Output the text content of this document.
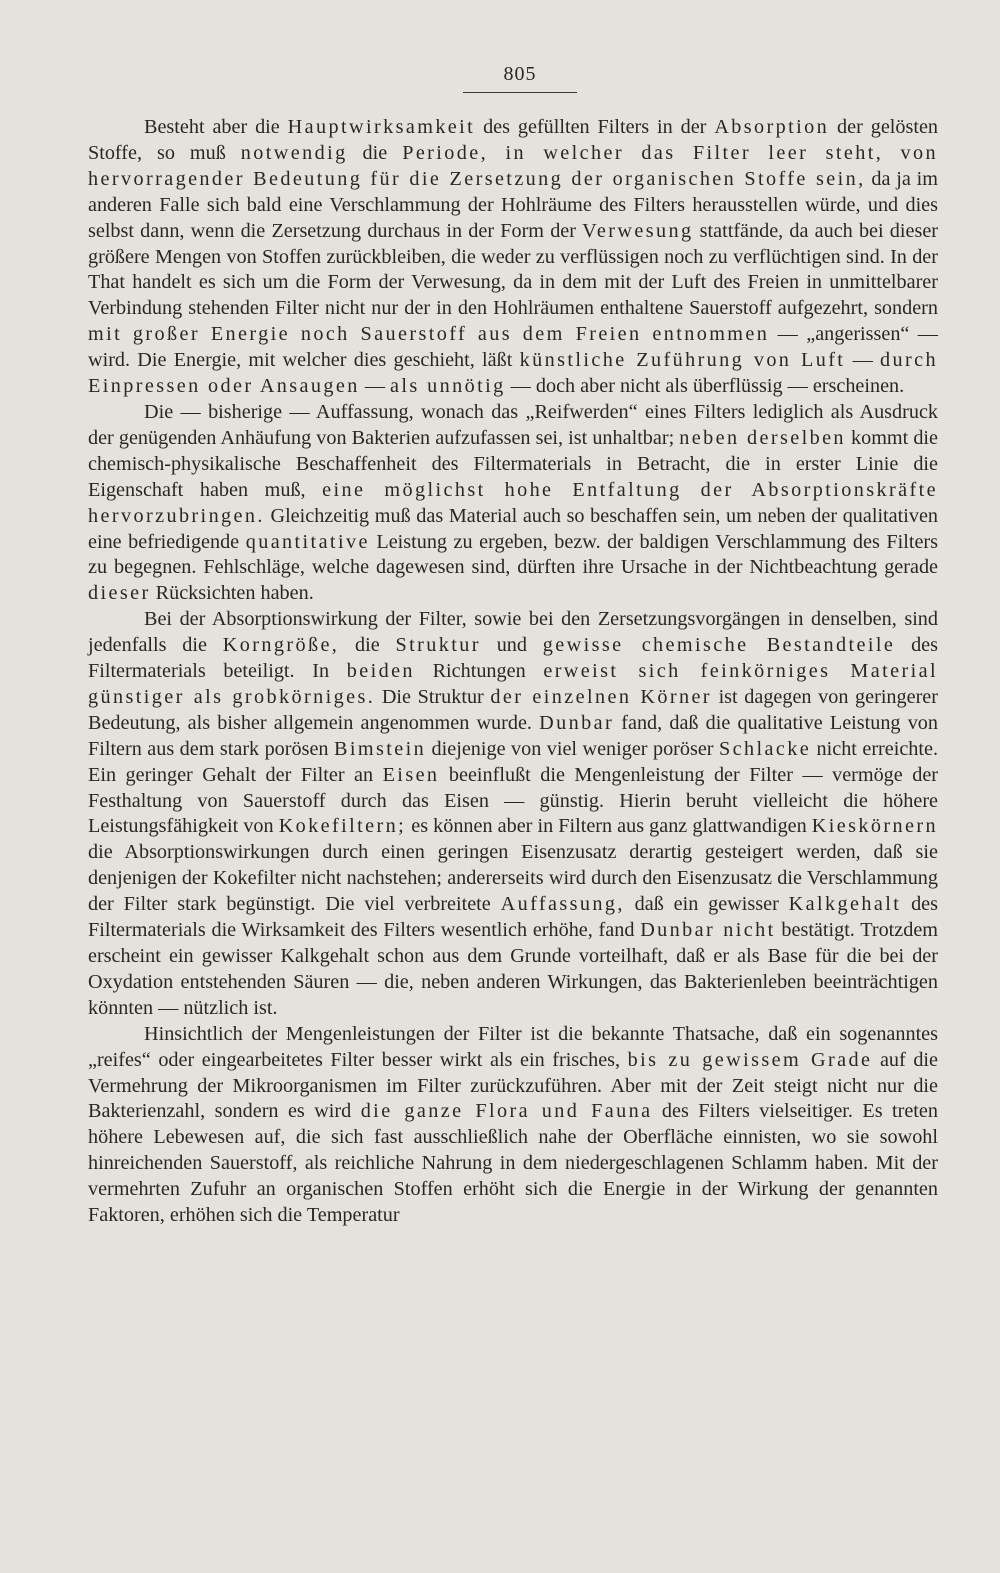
805

Besteht aber die Hauptwirksamkeit des gefüllten Filters in der Absorption der gelösten Stoffe, so muß notwendig die Periode, in welcher das Filter leer steht, von hervorragender Bedeutung für die Zersetzung der organischen Stoffe sein, da ja im anderen Falle sich bald eine Verschlammung der Hohlräume des Filters herausstellen würde, und dies selbst dann, wenn die Zersetzung durchaus in der Form der Verwesung stattfände, da auch bei dieser größere Mengen von Stoffen zurückbleiben, die weder zu verflüssigen noch zu verflüchtigen sind. In der That handelt es sich um die Form der Verwesung, da in dem mit der Luft des Freien in unmittelbarer Verbindung stehenden Filter nicht nur der in den Hohlräumen enthaltene Sauerstoff aufgezehrt, sondern mit großer Energie noch Sauerstoff aus dem Freien entnommen — „angerissen“ — wird. Die Energie, mit welcher dies geschieht, läßt künstliche Zuführung von Luft — durch Einpressen oder Ansaugen — als unnötig — doch aber nicht als überflüssig — erscheinen.

Die — bisherige — Auffassung, wonach das „Reifwerden“ eines Filters lediglich als Ausdruck der genügenden Anhäufung von Bakterien aufzufassen sei, ist unhaltbar; neben derselben kommt die chemisch-physikalische Beschaffenheit des Filtermaterials in Betracht, die in erster Linie die Eigenschaft haben muß, eine möglichst hohe Entfaltung der Absorptionskräfte hervorzubringen. Gleichzeitig muß das Material auch so beschaffen sein, um neben der qualitativen eine befriedigende quantitative Leistung zu ergeben, bezw. der baldigen Verschlammung des Filters zu begegnen. Fehlschläge, welche dagewesen sind, dürften ihre Ursache in der Nichtbeachtung gerade dieser Rücksichten haben.

Bei der Absorptionswirkung der Filter, sowie bei den Zersetzungsvorgängen in denselben, sind jedenfalls die Korngröße, die Struktur und gewisse chemische Bestandteile des Filtermaterials beteiligt. In beiden Richtungen erweist sich feinkörniges Material günstiger als grobkörniges. Die Struktur der einzelnen Körner ist dagegen von geringerer Bedeutung, als bisher allgemein angenommen wurde. Dunbar fand, daß die qualitative Leistung von Filtern aus dem stark porösen Bimstein diejenige von viel weniger poröser Schlacke nicht erreichte. Ein geringer Gehalt der Filter an Eisen beeinflußt die Mengenleistung der Filter — vermöge der Festhaltung von Sauerstoff durch das Eisen — günstig. Hierin beruht vielleicht die höhere Leistungsfähigkeit von Kokefiltern; es können aber in Filtern aus ganz glattwandigen Kieskörnern die Absorptionswirkungen durch einen geringen Eisenzusatz derartig gesteigert werden, daß sie denjenigen der Kokefilter nicht nachstehen; andererseits wird durch den Eisenzusatz die Verschlammung der Filter stark begünstigt. Die viel verbreitete Auffassung, daß ein gewisser Kalkgehalt des Filtermaterials die Wirksamkeit des Filters wesentlich erhöhe, fand Dunbar nicht bestätigt. Trotzdem erscheint ein gewisser Kalkgehalt schon aus dem Grunde vorteilhaft, daß er als Base für die bei der Oxydation entstehenden Säuren — die, neben anderen Wirkungen, das Bakterienleben beeinträchtigen könnten — nützlich ist.

Hinsichtlich der Mengenleistungen der Filter ist die bekannte Thatsache, daß ein sogenanntes „reifes“ oder eingearbeitetes Filter besser wirkt als ein frisches, bis zu gewissem Grade auf die Vermehrung der Mikroorganismen im Filter zurückzuführen. Aber mit der Zeit steigt nicht nur die Bakterienzahl, sondern es wird die ganze Flora und Fauna des Filters vielseitiger. Es treten höhere Lebewesen auf, die sich fast ausschließlich nahe der Oberfläche einnisten, wo sie sowohl hinreichenden Sauerstoff, als reichliche Nahrung in dem niedergeschlagenen Schlamm haben. Mit der vermehrten Zufuhr an organischen Stoffen erhöht sich die Energie in der Wirkung der genannten Faktoren, erhöhen sich die Temperatur
